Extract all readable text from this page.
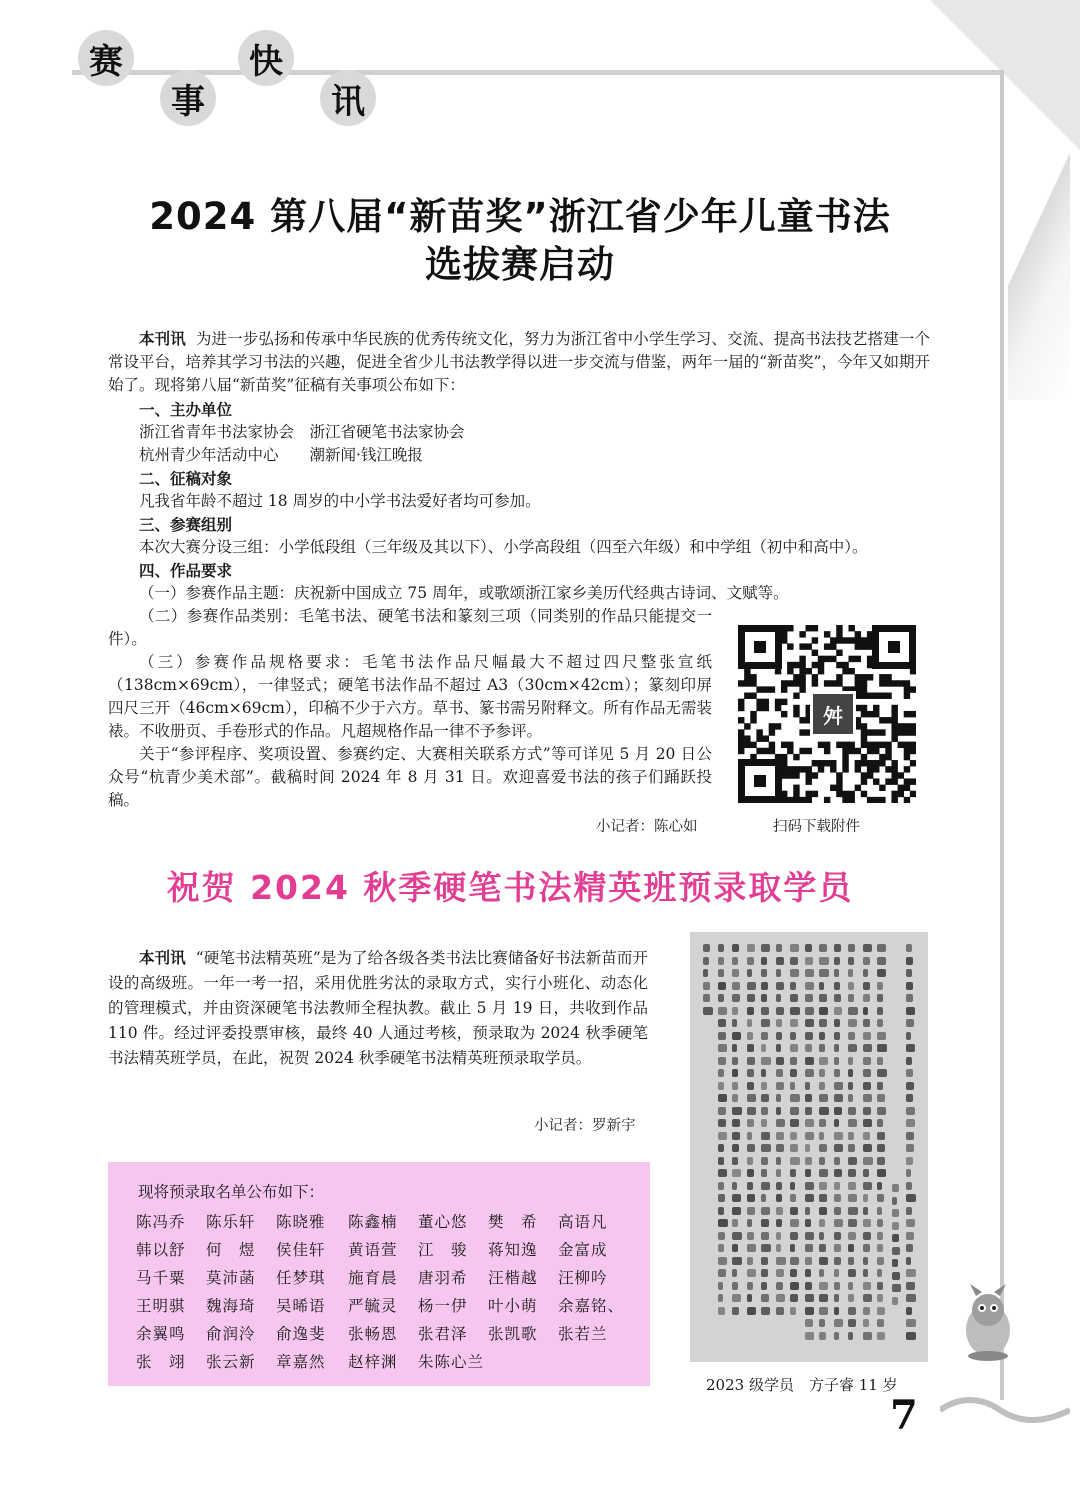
赛
事
快
讯
2024 第八届“新苗奖”浙江省少年儿童书法
选拔赛启动

本刊讯 为进一步弘扬和传承中华民族的优秀传统文化，努力为浙江省中小学生学习、交流、提高书法技艺搭建一个常设平台，培养其学习书法的兴趣，促进全省少儿书法教学得以进一步交流与借鉴，两年一届的“新苗奖”，今年又如期开始了。现将第八届“新苗奖”征稿有关事项公布如下：

一、主办单位

浙江省青年书法家协会　浙江省硬笔书法家协会

杭州青少年活动中心　　潮新闻·钱江晚报

二、征稿对象

凡我省年龄不超过 18 周岁的中小学书法爱好者均可参加。

三、参赛组别

本次大赛分设三组：小学低段组（三年级及其以下）、小学高段组（四至六年级）和中学组（初中和高中）。

四、作品要求

（一）参赛作品主题：庆祝新中国成立 75 周年，或歌颂浙江家乡美历代经典古诗词、文赋等。

（二）参赛作品类别：毛笔书法、硬笔书法和篆刻三项（同类别的作品只能提交一件）。

（三）参赛作品规格要求：毛笔书法作品尺幅最大不超过四尺整张宣纸（138cm×69cm），一律竖式；硬笔书法作品不超过 A3（30cm×42cm）；篆刻印屏四尺三开（46cm×69cm），印稿不少于六方。草书、篆书需另附释文。所有作品无需装裱。不收册页、手卷形式的作品。凡超规格作品一律不予参评。

关于“参评程序、奖项设置、参赛约定、大赛相关联系方式”等可详见 5 月 20 日公众号“杭青少美术部”。截稿时间 2024 年 8 月 31 日。欢迎喜爱书法的孩子们踊跃投稿。

小记者：陈心如
⾇
扫码下载附件
祝贺 2024 秋季硬笔书法精英班预录取学员

本刊讯 “硬笔书法精英班”是为了给各级各类书法比赛储备好书法新苗而开设的高级班。一年一考一招，采用优胜劣汰的录取方式，实行小班化、动态化的管理模式，并由资深硬笔书法教师全程执教。截止 5 月 19 日，共收到作品 110 件。经过评委投票审核，最终 40 人通过考核，预录取为 2024 秋季硬笔书法精英班学员，在此，祝贺 2024 秋季硬笔书法精英班预录取学员。

小记者：罗新宇
现将预录取名单公布如下：
陈冯乔 陈乐轩 陈晓雅 陈鑫楠 董心悠 樊　希 高语凡
韩以舒 何　煜 侯佳轩 黄语萱 江　骏 蒋知逸 金富成
马千粟 莫沛菡 任梦琪 施育晨 唐羽希 汪楷越 汪柳吟
王明骐 魏海琦 吴晞语 严毓灵 杨一伊 叶小萌 余嘉铭、
余翼鸣 俞润泠 俞逸斐 张畅恩 张君泽 张凯歌 张若兰
张　翊 张云新 章嘉然 赵梓渊 朱陈心兰
2023 级学员　方子睿 11 岁
7
